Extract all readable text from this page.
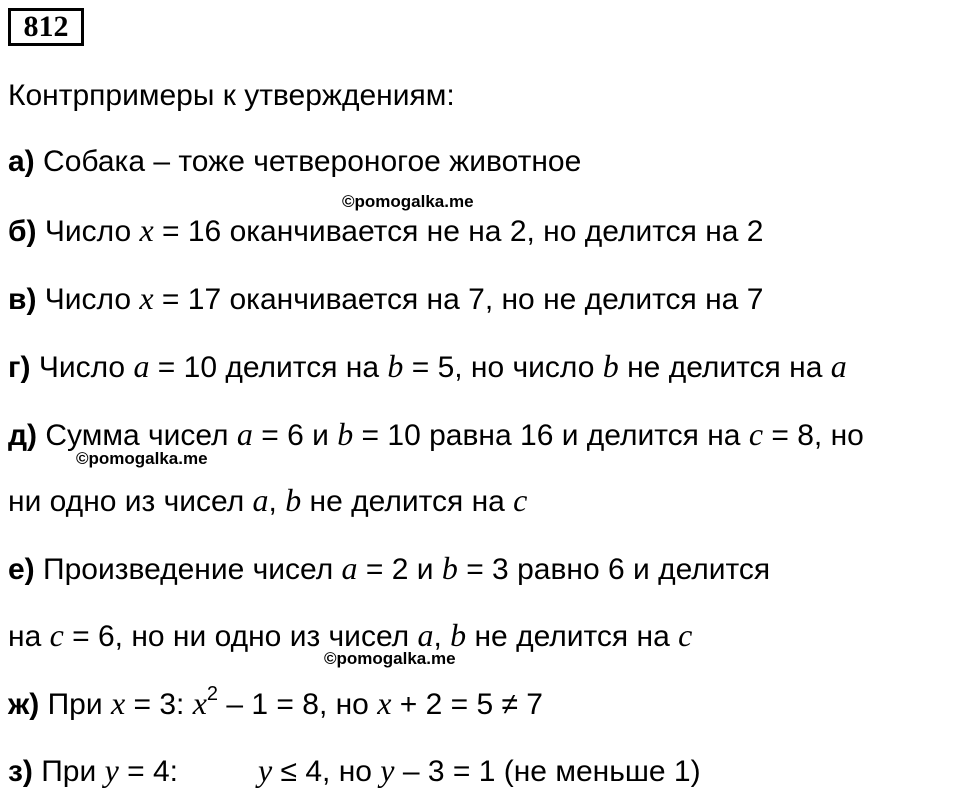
812
Контрпримеры к утверждениям:
а) Собака – тоже четвероногое животное
©pomogalka.me
б) Число x = 16 оканчивается не на 2, но делится на 2
в) Число x = 17 оканчивается на 7, но не делится на 7
г) Число a = 10 делится на b = 5, но число b не делится на a
д) Сумма чисел a = 6 и b = 10 равна 16 и делится на c = 8, но
©pomogalka.me
ни одно из чисел a, b не делится на c
е) Произведение чисел a = 2 и b = 3 равно 6 и делится
на c = 6, но ни одно из чисел a, b не делится на c
©pomogalka.me
ж) При x = 3: $x^2 - 1 = 8$, но x + 2 = 5 ≠ 7
з) При y = 4:	y ≤ 4, но y – 3 = 1 (не меньше 1)
